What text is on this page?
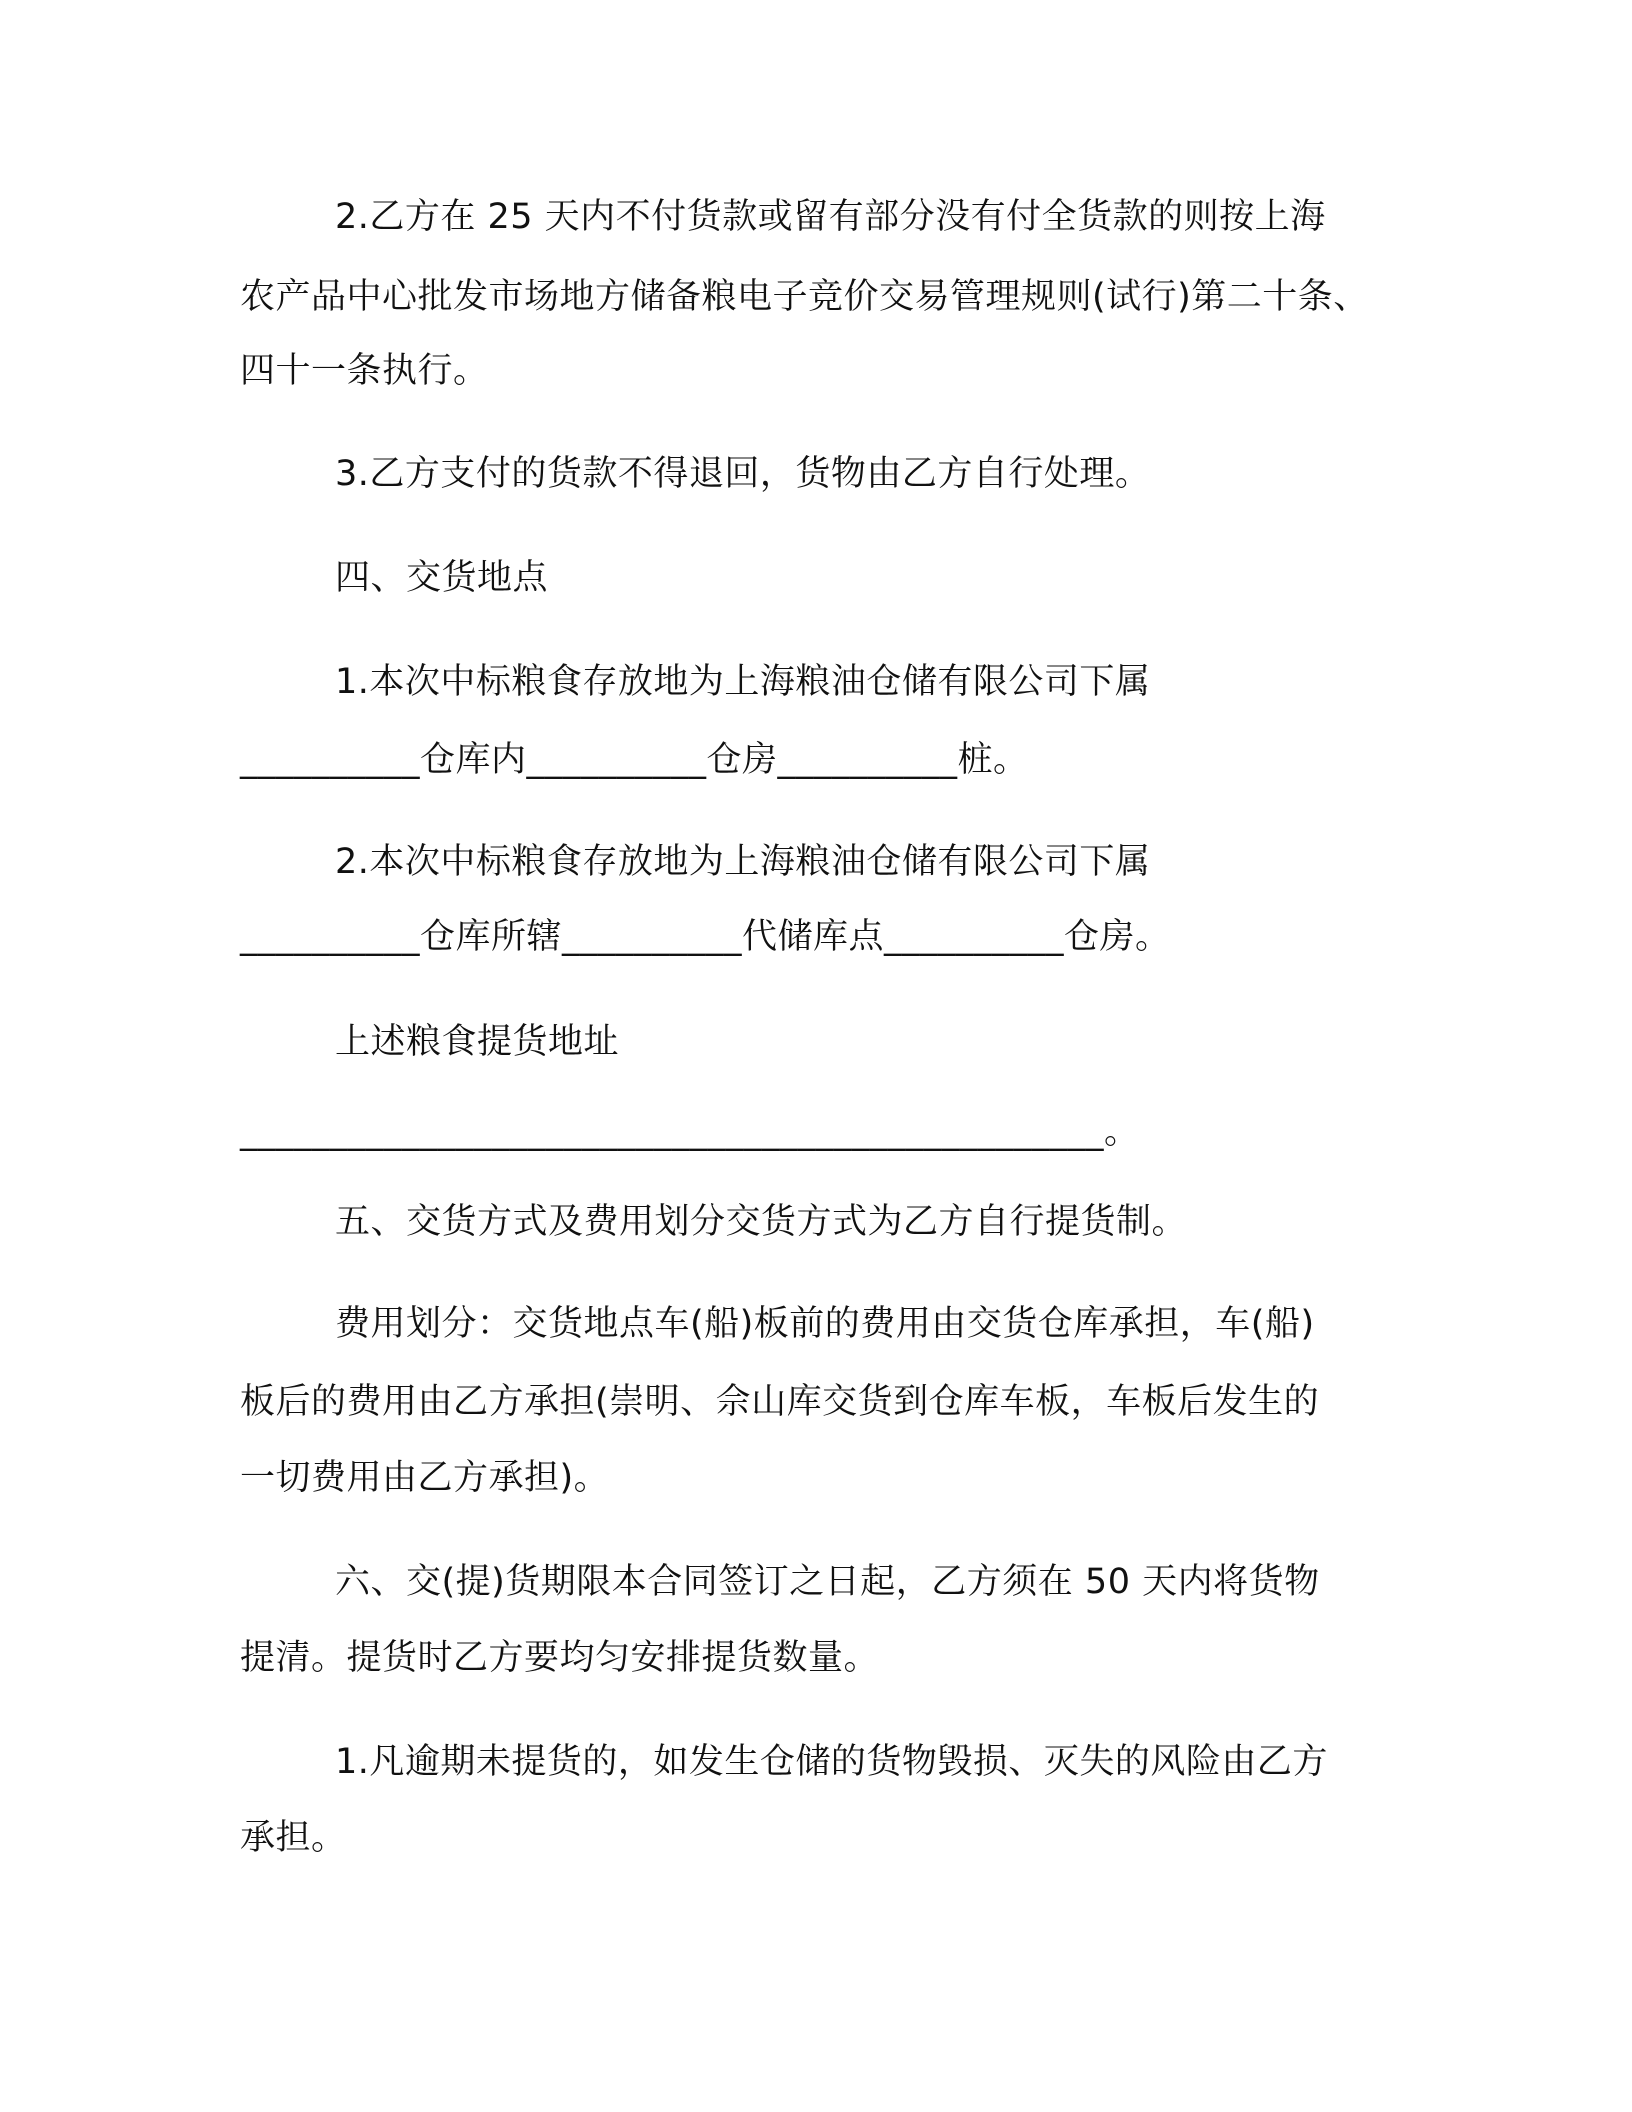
2.乙方在 25 天内不付货款或留有部分没有付全货款的则按上海
农产品中心批发市场地方储备粮电子竞价交易管理规则(试行)第二十条、
四十一条执行。
3.乙方支付的货款不得退回，货物由乙方自行处理。
四、交货地点
1.本次中标粮食存放地为上海粮油仓储有限公司下属
__________仓库内__________仓房__________桩。
2.本次中标粮食存放地为上海粮油仓储有限公司下属
__________仓库所辖__________代储库点__________仓房。
上述粮食提货地址
________________________________________________。
五、交货方式及费用划分交货方式为乙方自行提货制。
费用划分：交货地点车(船)板前的费用由交货仓库承担，车(船)
板后的费用由乙方承担(崇明、佘山库交货到仓库车板，车板后发生的
一切费用由乙方承担)。
六、交(提)货期限本合同签订之日起，乙方须在 50 天内将货物
提清。提货时乙方要均匀安排提货数量。
1.凡逾期未提货的，如发生仓储的货物毁损、灭失的风险由乙方
承担。
